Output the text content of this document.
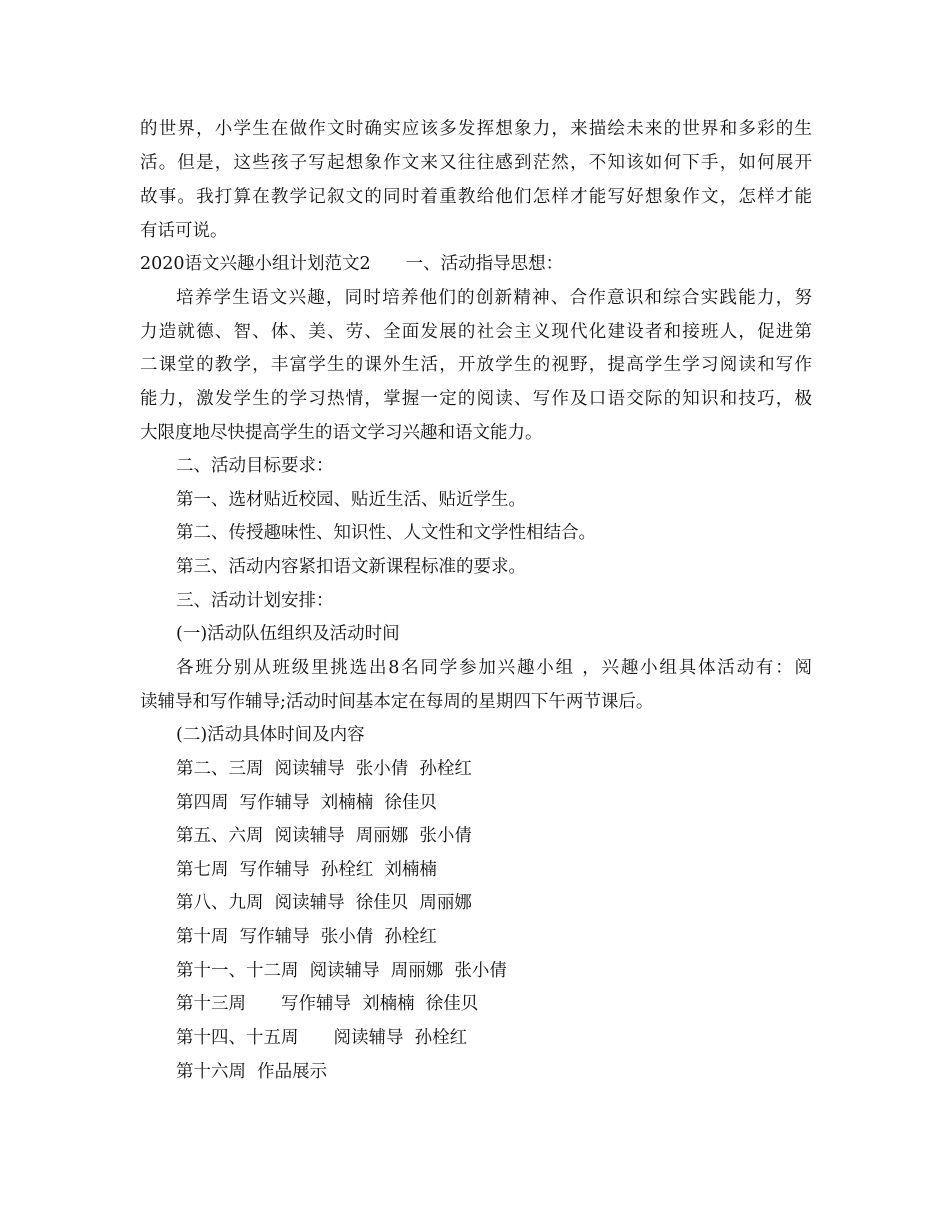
的世界，小学生在做作文时确实应该多发挥想象力，来描绘未来的世界和多彩的生
活。但是，这些孩子写起想象作文来又往往感到茫然，不知该如何下手，如何展开
故事。我打算在教学记叙文的同时着重教给他们怎样才能写好想象作文，怎样才能
有话可说。
2020语文兴趣小组计划范文2　　一、活动指导思想：
培养学生语文兴趣，同时培养他们的创新精神、合作意识和综合实践能力，努
力造就德、智、体、美、劳、全面发展的社会主义现代化建设者和接班人，促进第
二课堂的教学，丰富学生的课外生活，开放学生的视野，提高学生学习阅读和写作
能力，激发学生的学习热情，掌握一定的阅读、写作及口语交际的知识和技巧，极
大限度地尽快提高学生的语文学习兴趣和语文能力。
二、活动目标要求：
第一、选材贴近校园、贴近生活、贴近学生。
第二、传授趣味性、知识性、人文性和文学性相结合。
第三、活动内容紧扣语文新课程标准的要求。
三、活动计划安排：
(一)活动队伍组织及活动时间
各班分别从班级里挑选出8名同学参加兴趣小组 ，兴趣小组具体活动有：阅
读辅导和写作辅导;活动时间基本定在每周的星期四下午两节课后。
(二)活动具体时间及内容
第二、三周  阅读辅导  张小倩  孙栓红
第四周  写作辅导  刘楠楠  徐佳贝
第五、六周  阅读辅导  周丽娜  张小倩
第七周  写作辅导  孙栓红  刘楠楠
第八、九周  阅读辅导  徐佳贝  周丽娜
第十周  写作辅导  张小倩  孙栓红
第十一、十二周  阅读辅导  周丽娜  张小倩
第十三周　　写作辅导  刘楠楠  徐佳贝
第十四、十五周　　阅读辅导  孙栓红
第十六周  作品展示
